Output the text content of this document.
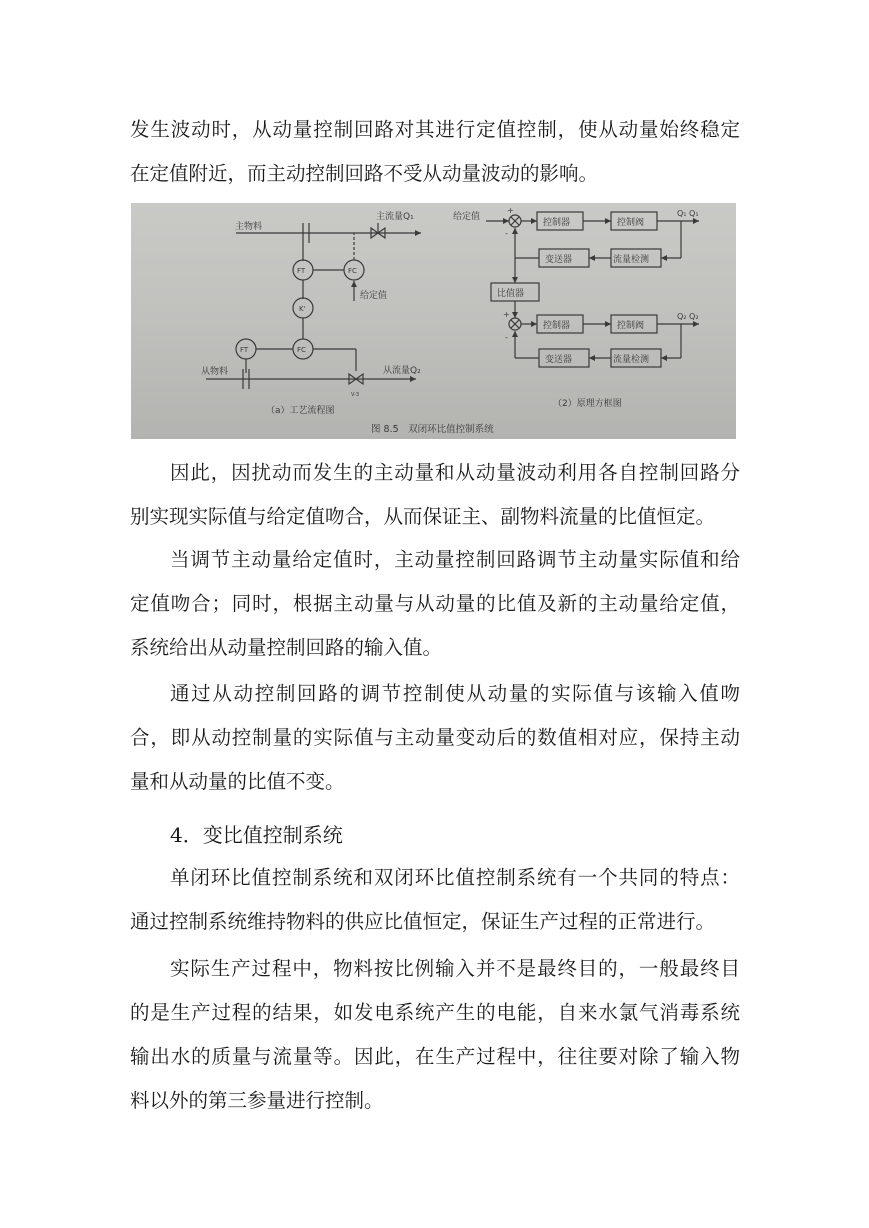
发生波动时，从动量控制回路对其进行定值控制，使从动量始终稳定
在定值附近，而主动控制回路不受从动量波动的影响。
主物料
主流量Q₁
FT	FC
给定值
K'
FT	FC
从物料	从流量Q₂
V-3
（a）工艺流程图
给定值
+
-
控制器	控制阀
Q₁ Q₁
变送器	流量检测
比值器
+
-
控制器	控制阀
Q₂ Q₂
变送器	流量检测
（2）原理方框图
图 8.5　双闭环比值控制系统
因此，因扰动而发生的主动量和从动量波动利用各自控制回路分
别实现实际值与给定值吻合，从而保证主、副物料流量的比值恒定。
当调节主动量给定值时，主动量控制回路调节主动量实际值和给
定值吻合；同时，根据主动量与从动量的比值及新的主动量给定值，
系统给出从动量控制回路的输入值。
通过从动控制回路的调节控制使从动量的实际值与该输入值吻
合，即从动控制量的实际值与主动量变动后的数值相对应，保持主动
量和从动量的比值不变。
4．变比值控制系统
单闭环比值控制系统和双闭环比值控制系统有一个共同的特点：
通过控制系统维持物料的供应比值恒定，保证生产过程的正常进行。
实际生产过程中，物料按比例输入并不是最终目的，一般最终目
的是生产过程的结果，如发电系统产生的电能，自来水氯气消毒系统
输出水的质量与流量等。因此，在生产过程中，往往要对除了输入物
料以外的第三参量进行控制。
